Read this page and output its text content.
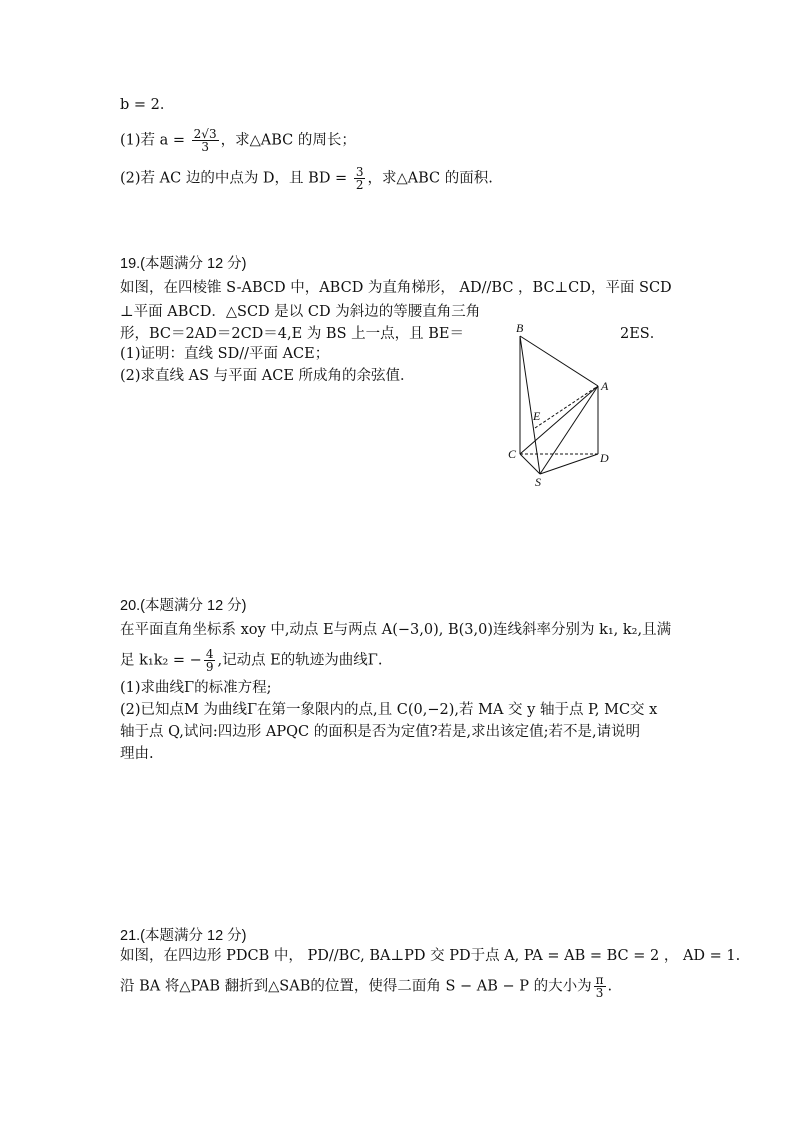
b = 2．
(1)若 $a = \frac{2√3}{3}$ ，求△ABC 的周长；
(2)若 AC 边的中点为 D，且 BD = $\frac{3}{2}$ ，求△ABC 的面积.
19.(本题满分 12 分)
如图，在四棱锥 S-ABCD 中，ABCD 为直角梯形， AD//BC ，BC⊥CD，平面 SCD
⊥平面 ABCD．△SCD 是以 CD 为斜边的等腰直角三角
形，BC＝2AD＝2CD＝4,E 为 BS 上一点，且 BE＝	2ES．
(1)证明：直线 SD//平面 ACE；
(2)求直线 AS 与平面 ACE 所成角的余弦值．
B
A
E
C	D
S
20.(本题满分 12 分)
在平面直角坐标系 xoy 中,动点 E与两点 A(−3,0), B(3,0)连线斜率分别为 k₁, k₂,且满
足 k₁k₂ = − $\frac{4}{9}$ ,记动点 E的轨迹为曲线Γ.
(1)求曲线Γ的标准方程;
(2)已知点M 为曲线Γ在第一象限内的点,且 C(0,−2),若 MA 交 y 轴于点 P, MC交 x
轴于点 Q,试问:四边形 APQC 的面积是否为定值?若是,求出该定值;若不是,请说明
理由.
21.(本题满分 12 分)
如图，在四边形 PDCB 中， PD//BC, BA⊥PD 交 PD于点 A, PA = AB = BC = 2 ， AD = 1.
沿 BA 将△PAB 翻折到△SAB的位置，使得二面角 S − AB − P 的大小为 $\frac{\pi}{3}$ .
